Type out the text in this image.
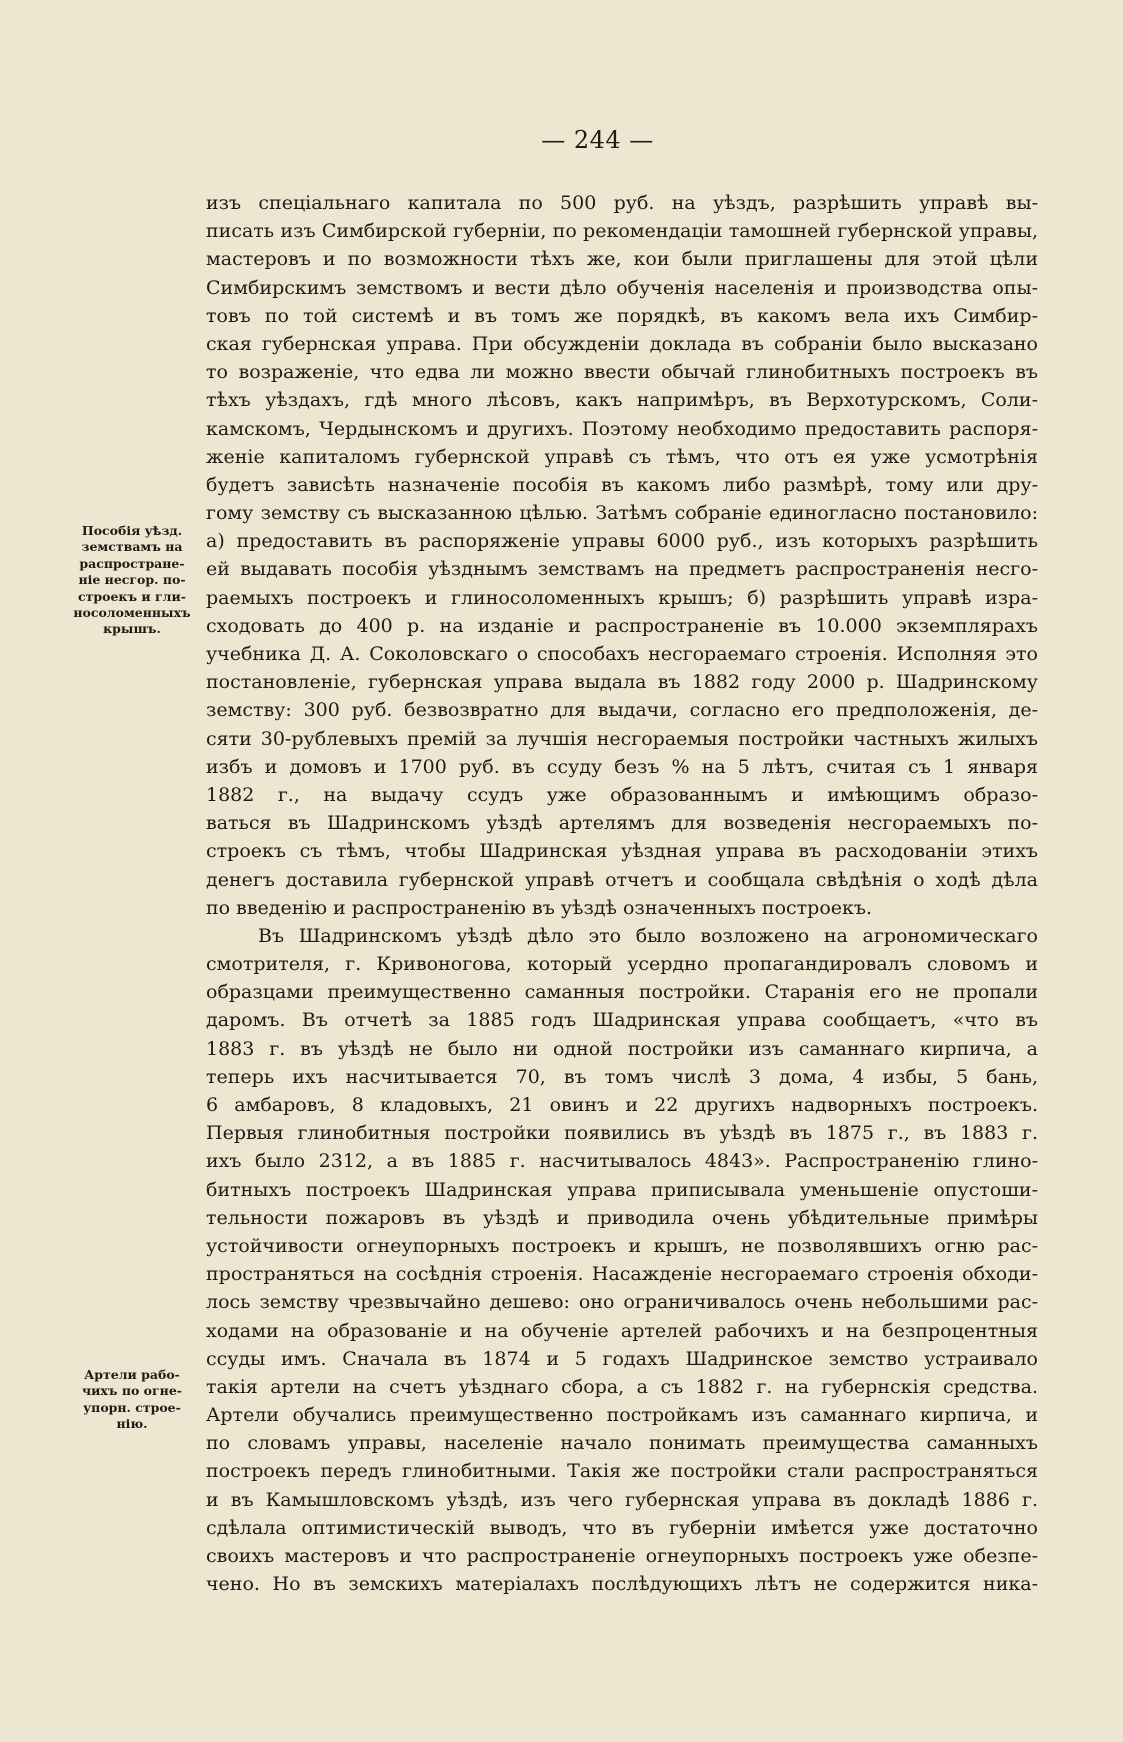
— 244 —
Пособія уѣзд.
земствамъ на
распростране-
ніе несгор. по-
строекъ и гли-
носоломенныхъ
крышъ.
Артели рабо-
чихъ по огне-
упорн. строе-
нію.
изъ спеціальнаго капитала по 500 руб. на уѣздъ, разрѣшить управѣ вы-
писать изъ Симбирской губерніи, по рекомендаціи тамошней губернской управы,
мастеровъ и по возможности тѣхъ же, кои были приглашены для этой цѣли
Симбирскимъ земствомъ и вести дѣло обученія населенія и производства опы-
товъ по той системѣ и въ томъ же порядкѣ, въ какомъ вела ихъ Симбир-
ская губернская управа. При обсужденіи доклада въ собраніи было высказано
то возраженіе, что едва ли можно ввести обычай глинобитныхъ построекъ въ
тѣхъ уѣздахъ, гдѣ много лѣсовъ, какъ напримѣръ, въ Верхотурскомъ, Соли-
камскомъ, Чердынскомъ и другихъ. Поэтому необходимо предоставить распоря-
женіе капиталомъ губернской управѣ съ тѣмъ, что отъ ея уже усмотрѣнія
будетъ зависѣть назначеніе пособія въ какомъ либо размѣрѣ, тому или дру-
гому земству съ высказанною цѣлью. Затѣмъ собраніе единогласно постановило:
а) предоставить въ распоряженіе управы 6000 руб., изъ которыхъ разрѣшить
ей выдавать пособія уѣзднымъ земствамъ на предметъ распространенія несго-
раемыхъ построекъ и глиносоломенныхъ крышъ; б) разрѣшить управѣ изра-
сходовать до 400 р. на изданіе и распространеніе въ 10.000 экземплярахъ
учебника Д. А. Соколовскаго о способахъ несгораемаго строенія. Исполняя это
постановленіе, губернская управа выдала въ 1882 году 2000 р. Шадринскому
земству: 300 руб. безвозвратно для выдачи, согласно его предположенія, де-
сяти 30-рублевыхъ премій за лучшія несгораемыя постройки частныхъ жилыхъ
избъ и домовъ и 1700 руб. въ ссуду безъ % на 5 лѣтъ, считая съ 1 января
1882 г., на выдачу ссудъ уже образованнымъ и имѣющимъ образо-
ваться въ Шадринскомъ уѣздѣ артелямъ для возведенія несгораемыхъ по-
строекъ съ тѣмъ, чтобы Шадринская уѣздная управа въ расходованіи этихъ
денегъ доставила губернской управѣ отчетъ и сообщала свѣдѣнія о ходѣ дѣла
по введенію и распространенію въ уѣздѣ означенныхъ построекъ.
Въ Шадринскомъ уѣздѣ дѣло это было возложено на агрономическаго
смотрителя, г. Кривоногова, который усердно пропагандировалъ словомъ и
образцами преимущественно саманныя постройки. Старанія его не пропали
даромъ. Въ отчетѣ за 1885 годъ Шадринская управа сообщаетъ, «что въ
1883 г. въ уѣздѣ не было ни одной постройки изъ саманнаго кирпича, а
теперь ихъ насчитывается 70, въ томъ числѣ 3 дома, 4 избы, 5 бань,
6 амбаровъ, 8 кладовыхъ, 21 овинъ и 22 другихъ надворныхъ построекъ.
Первыя глинобитныя постройки появились въ уѣздѣ въ 1875 г., въ 1883 г.
ихъ было 2312, а въ 1885 г. насчитывалось 4843». Распространенію глино-
битныхъ построекъ Шадринская управа приписывала уменьшеніе опустоши-
тельности пожаровъ въ уѣздѣ и приводила очень убѣдительные примѣры
устойчивости огнеупорныхъ построекъ и крышъ, не позволявшихъ огню рас-
пространяться на сосѣднія строенія. Насажденіе несгораемаго строенія обходи-
лось земству чрезвычайно дешево: оно ограничивалось очень небольшими рас-
ходами на образованіе и на обученіе артелей рабочихъ и на безпроцентныя
ссуды имъ. Сначала въ 1874 и 5 годахъ Шадринское земство устраивало
такія артели на счетъ уѣзднаго сбора, а съ 1882 г. на губернскія средства.
Артели обучались преимущественно постройкамъ изъ саманнаго кирпича, и
по словамъ управы, населеніе начало понимать преимущества саманныхъ
построекъ передъ глинобитными. Такія же постройки стали распространяться
и въ Камышловскомъ уѣздѣ, изъ чего губернская управа въ докладѣ 1886 г.
сдѣлала оптимистическій выводъ, что въ губерніи имѣется уже достаточно
своихъ мастеровъ и что распространеніе огнеупорныхъ построекъ уже обезпе-
чено. Но въ земскихъ матеріалахъ послѣдующихъ лѣтъ не содержится ника-
